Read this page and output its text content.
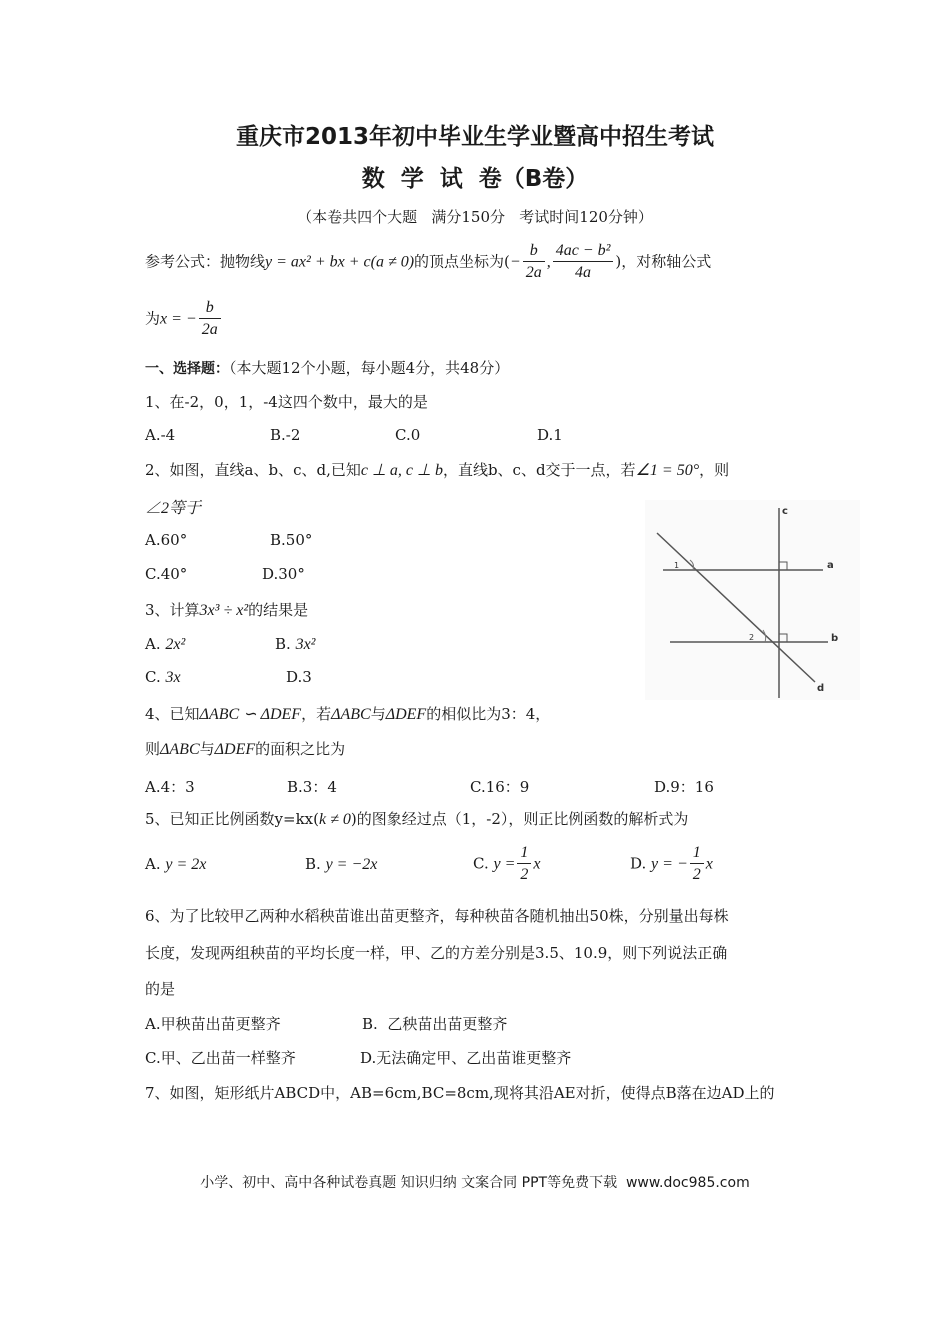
重庆市2013年初中毕业生学业暨高中招生考试
数  学  试  卷（B卷）
（本卷共四个大题   满分150分   考试时间120分钟）
参考公式：抛物线y = ax² + bx + c(a ≠ 0)的顶点坐标为(− $\frac{b}{2a}$ , $\frac{\text{4ac − b²}}{4a}$ )，对称轴公式
为x = − $\frac{b}{2a}$
一、选择题：（本大题12个小题，每小题4分，共48分）
1、在-2，0，1，-4这四个数中，最大的是
A.-4	B.-2	C.0	D.1
2、如图，直线a、b、c、d,已知c ⊥ a, c ⊥ b，直线b、c、d交于一点，若∠1 = 50°，则
∠2等于
A.60°	B.50°
C.40°	D.30°
c
a
b
d
1
2
3、计算3x³ ÷ x²的结果是
A. 2x²	B. 3x²
C. 3x	D.3
4、已知ΔABC ∽ ΔDEF，若ΔABC与ΔDEF的相似比为3：4，
则ΔABC与ΔDEF的面积之比为
A.4：3	B.3：4	C.16：9	D.9：16
5、已知正比例函数y=kx(k ≠ 0)的图象经过点（1，-2），则正比例函数的解析式为
A. y = 2x	B. y = −2x	C. $y = \frac{1}{2}$ x	D. y = − $\frac{1}{2}$ x
6、为了比较甲乙两种水稻秧苗谁出苗更整齐，每种秧苗各随机抽出50株，分别量出每株
长度，发现两组秧苗的平均长度一样，甲、乙的方差分别是3.5、10.9，则下列说法正确
的是
A.甲秧苗出苗更整齐	B.  乙秧苗出苗更整齐
C.甲、乙出苗一样整齐	D.无法确定甲、乙出苗谁更整齐
7、如图，矩形纸片ABCD中，AB=6cm,BC=8cm,现将其沿AE对折，使得点B落在边AD上的
小学、初中、高中各种试卷真题 知识归纳 文案合同 PPT等免费下载  www.doc985.com
